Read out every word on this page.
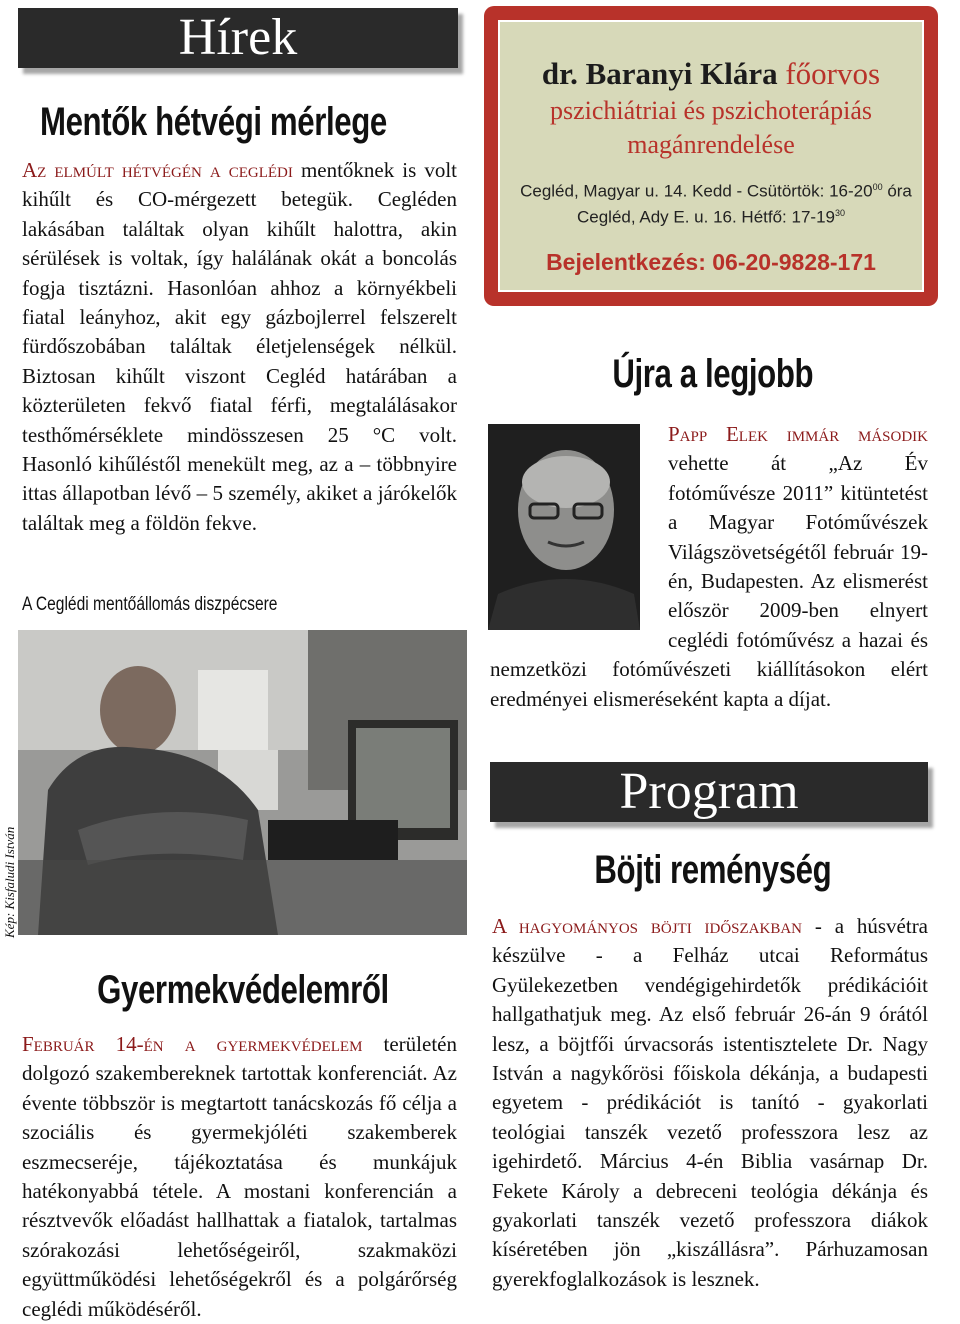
Hírek
Mentők hétvégi mérlege

Az elmúlt hétvégén a ceglédi mentőknek is volt kihűlt és CO-mérgezett betegük. Cegléden lakásában találtak olyan kihűlt halottra, akin sérülések is voltak, így halálának okát a boncolás fogja tisztázni. Hasonlóan ahhoz a környékbeli fiatal leányhoz, akit egy gázbojlerrel felszerelt fürdőszobában találtak életjelenségek nélkül. Biztosan kihűlt viszont Cegléd határában a közterületen fekvő fiatal férfi, megtalálásakor testhőmérséklete mindösszesen 25 °C volt. Hasonló kihűléstől menekült meg, az a – többnyire ittas állapotban lévő – 5 személy, akiket a járókelők találtak meg a földön fekve.

A Ceglédi mentőállomás diszpécsere
Kép: Kisfaludi István
dr. Baranyi Klára főorvos
pszichiátriai és pszichoterápiás magánrendelése
Cegléd, Magyar u. 14. Kedd - Csütörtök: $16-20^{00}$ óra
Cegléd, Ady E. u. 16. Hétfő: $17-19^{30}$
Bejelentkezés: 06-20-9828-171
Újra a legjobb

Papp Elek immár második vehette át „Az Év fotóművésze 2011” kitüntetést a Magyar Fotóművészek Világszövetségétől február 19-én, Budapesten. Az elismerést először 2009-ben elnyert ceglédi fotóművész a hazai és nemzetközi fotóművészeti kiállításokon elért eredményei elismeréseként kapta a díjat.

Program
Böjti reménység

A hagyományos böjti időszakban - a húsvétra készülve - a Felház utcai Református Gyülekezetben vendégigehirdetők prédikációit hallgathatjuk meg. Az első február 26-án 9 órától lesz, a böjtfői úrvacsorás istentisztelete Dr. Nagy István a nagykőrösi főiskola dékánja, a budapesti egyetem - prédikációt is tanító - gyakorlati teológiai tanszék vezető professzora lesz az igehirdető. Március 4-én Biblia vasárnap Dr. Fekete Károly a debreceni teológia dékánja és gyakorlati tanszék vezető professzora diákok kíséretében jön „kiszállásra”. Párhuzamosan gyerekfoglalkozások is lesznek.

Gyermekvédelemről

Február 14-én a gyermekvédelem területén dolgozó szakembereknek tartottak konferenciát. Az évente többször is megtartott tanácskozás fő célja a szociális és gyermekjóléti szakemberek eszmecseréje, tájékoztatása és munkájuk hatékonyabbá tétele. A mostani konferencián a résztvevők előadást hallhattak a fiatalok, tartalmas szórakozási lehetőségeiről, szakmaközi együttműködési lehetőségekről és a polgárőrség ceglédi működéséről.
